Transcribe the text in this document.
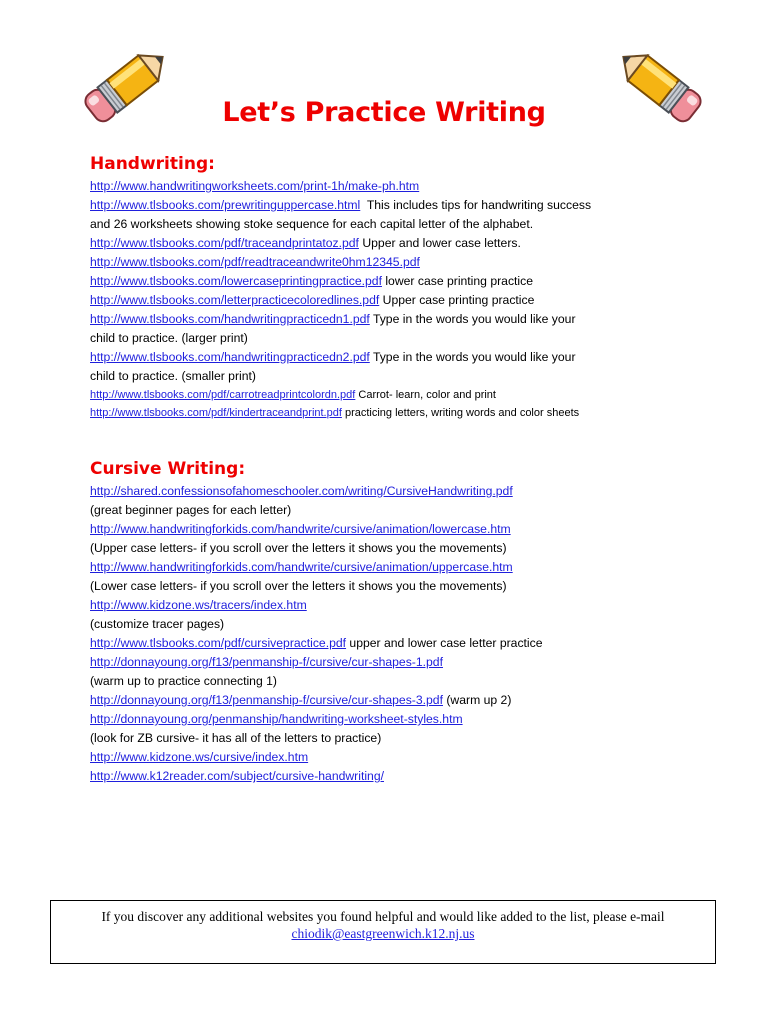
Let’s Practice Writing
Handwriting:
http://www.handwritingworksheets.com/print-1h/make-ph.htm
http://www.tlsbooks.com/prewritinguppercase.html  This includes tips for handwriting success
and 26 worksheets showing stoke sequence for each capital letter of the alphabet.
http://www.tlsbooks.com/pdf/traceandprintatoz.pdf Upper and lower case letters.
http://www.tlsbooks.com/pdf/readtraceandwrite0hm12345.pdf
http://www.tlsbooks.com/lowercaseprintingpractice.pdf lower case printing practice
http://www.tlsbooks.com/letterpracticecoloredlines.pdf Upper case printing practice
http://www.tlsbooks.com/handwritingpracticedn1.pdf Type in the words you would like your
child to practice. (larger print)
http://www.tlsbooks.com/handwritingpracticedn2.pdf Type in the words you would like your
child to practice. (smaller print)
http://www.tlsbooks.com/pdf/carrotreadprintcolordn.pdf Carrot- learn, color and print
http://www.tlsbooks.com/pdf/kindertraceandprint.pdf practicing letters, writing words and color sheets
Cursive Writing:
http://shared.confessionsofahomeschooler.com/writing/CursiveHandwriting.pdf
(great beginner pages for each letter)
http://www.handwritingforkids.com/handwrite/cursive/animation/lowercase.htm
(Upper case letters- if you scroll over the letters it shows you the movements)
http://www.handwritingforkids.com/handwrite/cursive/animation/uppercase.htm
(Lower case letters- if you scroll over the letters it shows you the movements)
http://www.kidzone.ws/tracers/index.htm
(customize tracer pages)
http://www.tlsbooks.com/pdf/cursivepractice.pdf upper and lower case letter practice
http://donnayoung.org/f13/penmanship-f/cursive/cur-shapes-1.pdf
(warm up to practice connecting 1)
http://donnayoung.org/f13/penmanship-f/cursive/cur-shapes-3.pdf (warm up 2)
http://donnayoung.org/penmanship/handwriting-worksheet-styles.htm
(look for ZB cursive- it has all of the letters to practice)
http://www.kidzone.ws/cursive/index.htm
http://www.k12reader.com/subject/cursive-handwriting/
If you discover any additional websites you found helpful and would like added to the list, please e-mail
chiodik@eastgreenwich.k12.nj.us
